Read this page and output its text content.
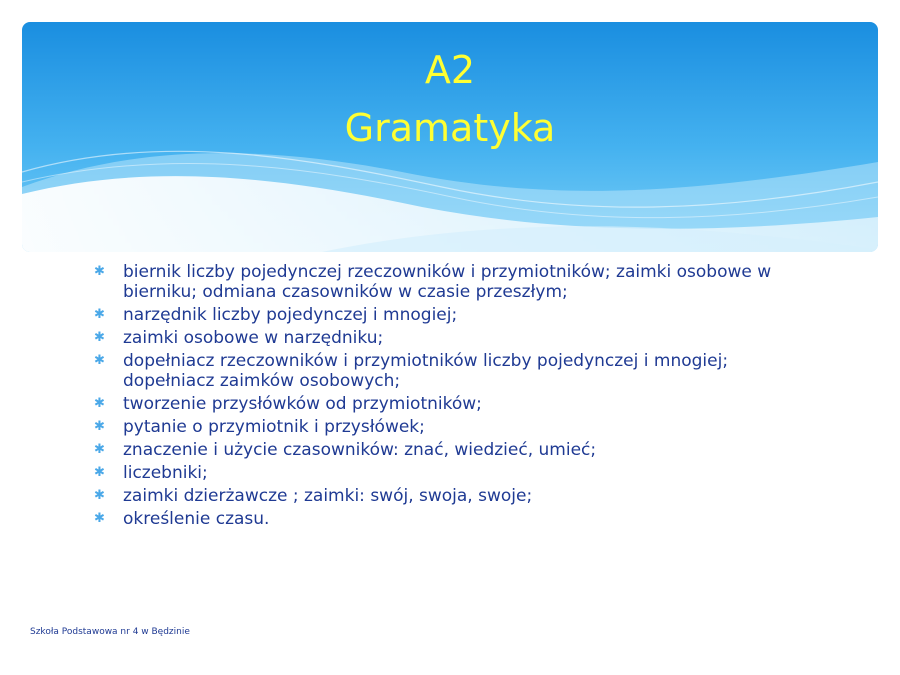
A2
Gramatyka
✱ biernik liczby pojedynczej rzeczowników i przymiotników; zaimki osobowe w bierniku; odmiana czasowników w czasie przeszłym;
✱ narzędnik liczby pojedynczej i mnogiej;
✱ zaimki osobowe w narzędniku;
✱ dopełniacz rzeczowników i przymiotników liczby pojedynczej i mnogiej; dopełniacz zaimków osobowych;
✱ tworzenie przysłówków od przymiotników;
✱ pytanie o przymiotnik i przysłówek;
✱ znaczenie i użycie czasowników: znać, wiedzieć, umieć;
✱ liczebniki;
✱ zaimki dzierżawcze ; zaimki: swój, swoja, swoje;
✱ określenie czasu.
Szkoła Podstawowa nr 4 w Będzinie
